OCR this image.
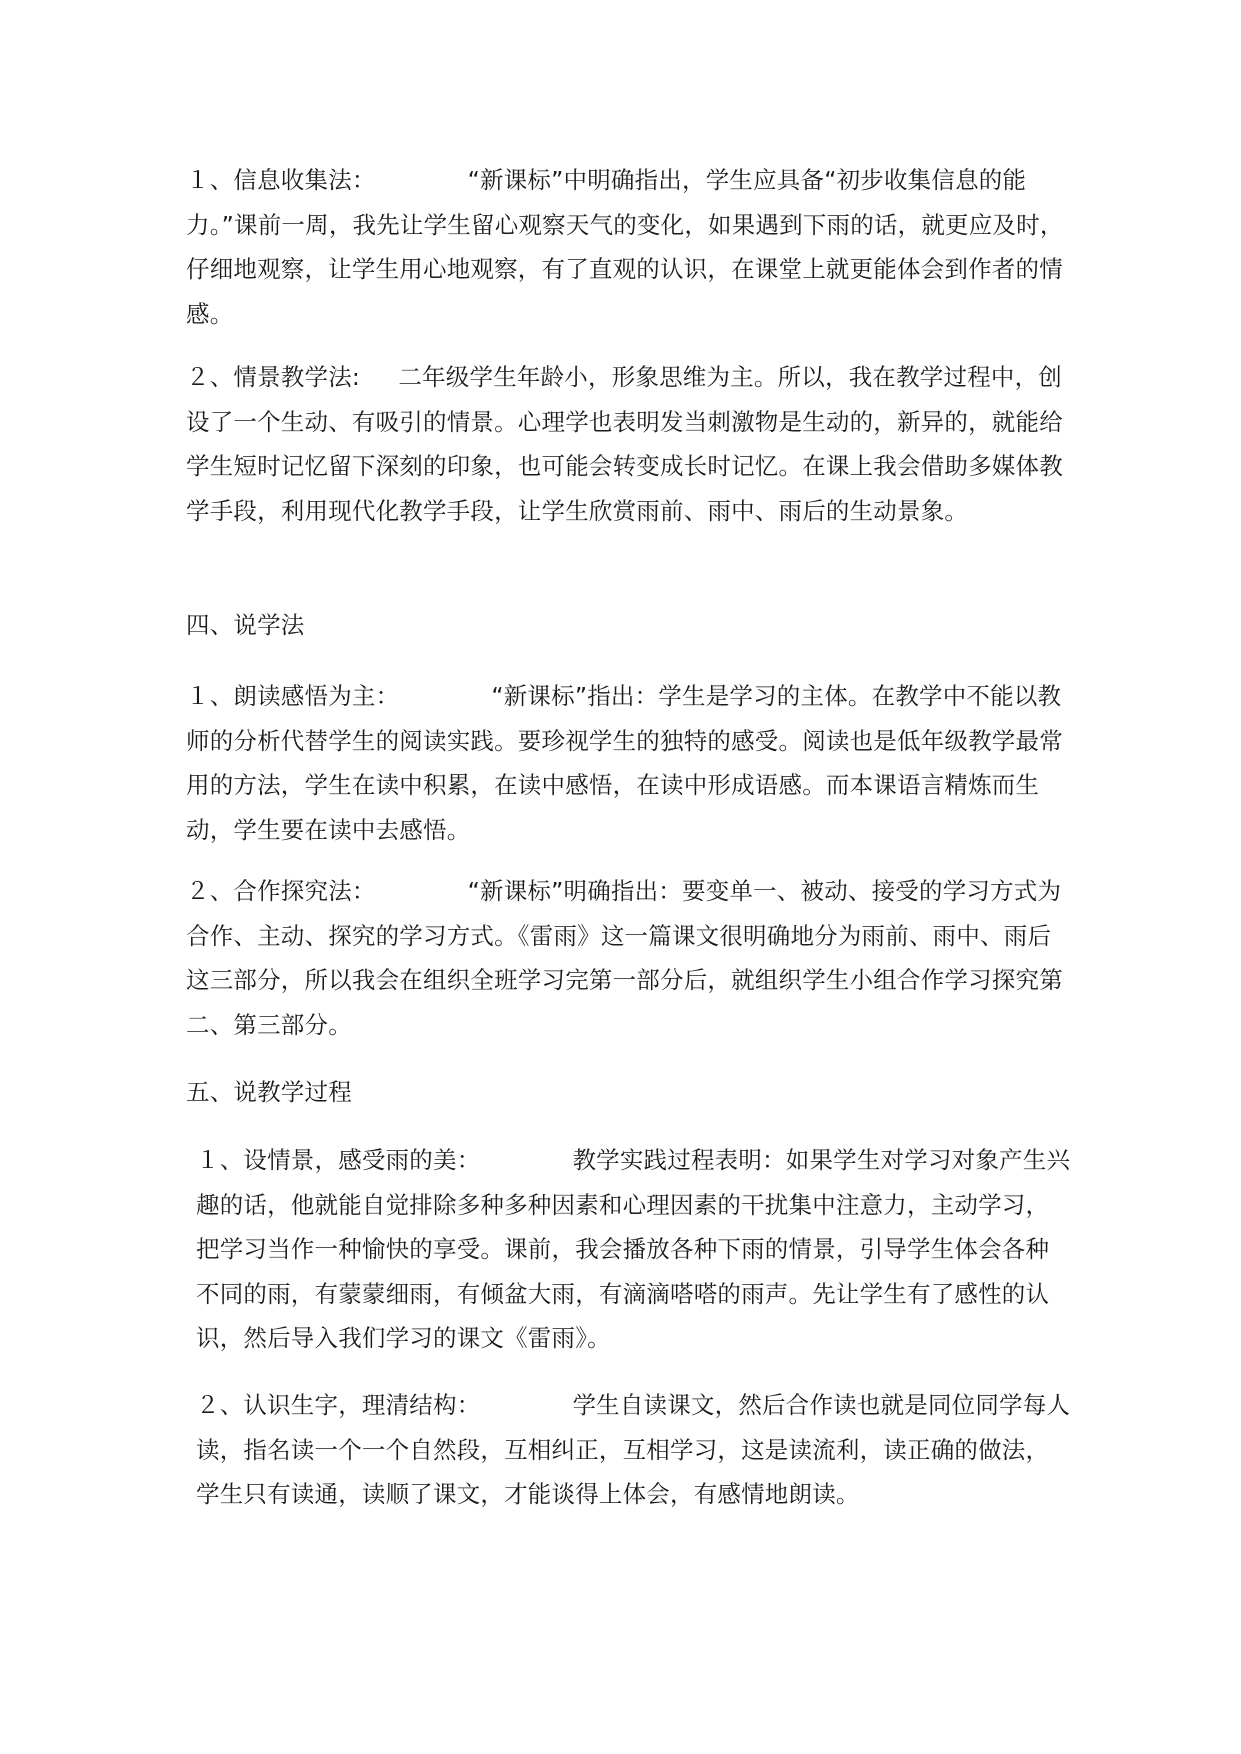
１、信息收集法：	“新课标”中明确指出，学生应具备“初步收集信息的能力。”课前一周，我先让学生留心观察天气的变化，如果遇到下雨的话，就更应及时，仔细地观察，让学生用心地观察，有了直观的认识，在课堂上就更能体会到作者的情感。

２、情景教学法: 二年级学生年龄小，形象思维为主。所以，我在教学过程中，创设了一个生动、有吸引的情景。心理学也表明发当刺激物是生动的，新异的，就能给学生短时记忆留下深刻的印象，也可能会转变成长时记忆。在课上我会借助多媒体教学手段，利用现代化教学手段，让学生欣赏雨前、雨中、雨后的生动景象。

四、说学法

１、朗读感悟为主：	“新课标”指出：学生是学习的主体。在教学中不能以教师的分析代替学生的阅读实践。要珍视学生的独特的感受。阅读也是低年级教学最常用的方法，学生在读中积累，在读中感悟，在读中形成语感。而本课语言精炼而生动，学生要在读中去感悟。

２、合作探究法：	“新课标”明确指出：要变单一、被动、接受的学习方式为合作、主动、探究的学习方式。《雷雨》这一篇课文很明确地分为雨前、雨中、雨后这三部分，所以我会在组织全班学习完第一部分后，就组织学生小组合作学习探究第二、第三部分。

五、说教学过程

１、设情景，感受雨的美：	教学实践过程表明：如果学生对学习对象产生兴趣的话，他就能自觉排除多种多种因素和心理因素的干扰集中注意力，主动学习，把学习当作一种愉快的享受。课前，我会播放各种下雨的情景，引导学生体会各种不同的雨，有蒙蒙细雨，有倾盆大雨，有滴滴嗒嗒的雨声。先让学生有了感性的认识，然后导入我们学习的课文《雷雨》。

２、认识生字，理清结构：	学生自读课文，然后合作读也就是同位同学每人读，指名读一个一个自然段，互相纠正，互相学习，这是读流利，读正确的做法，学生只有读通，读顺了课文，才能谈得上体会，有感情地朗读。
